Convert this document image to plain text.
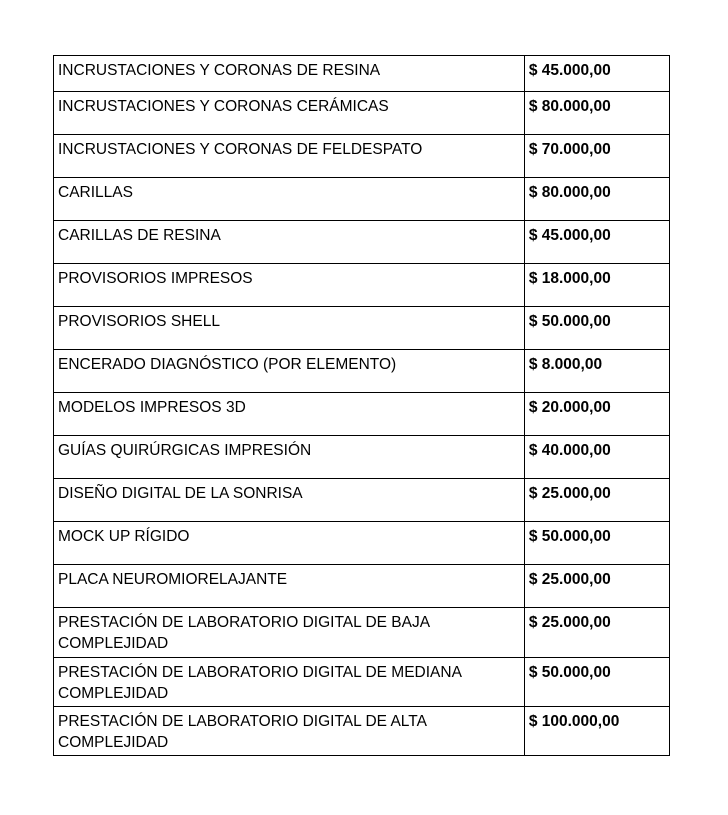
INCRUSTACIONES Y CORONAS DE RESINA	$ 45.000,00
INCRUSTACIONES Y CORONAS CERÁMICAS	$ 80.000,00
INCRUSTACIONES Y CORONAS DE FELDESPATO	$ 70.000,00
CARILLAS	$ 80.000,00
CARILLAS DE RESINA	$ 45.000,00
PROVISORIOS IMPRESOS	$ 18.000,00
PROVISORIOS SHELL	$ 50.000,00
ENCERADO DIAGNÓSTICO (POR ELEMENTO)	$ 8.000,00
MODELOS IMPRESOS 3D	$ 20.000,00
GUÍAS QUIRÚRGICAS IMPRESIÓN	$ 40.000,00
DISEÑO DIGITAL DE LA SONRISA	$ 25.000,00
MOCK UP RÍGIDO	$ 50.000,00
PLACA NEUROMIORELAJANTE	$ 25.000,00
PRESTACIÓN DE LABORATORIO DIGITAL DE BAJA COMPLEJIDAD	$ 25.000,00
PRESTACIÓN DE LABORATORIO DIGITAL DE MEDIANA COMPLEJIDAD	$ 50.000,00
PRESTACIÓN DE LABORATORIO DIGITAL DE ALTA COMPLEJIDAD	$ 100.000,00
